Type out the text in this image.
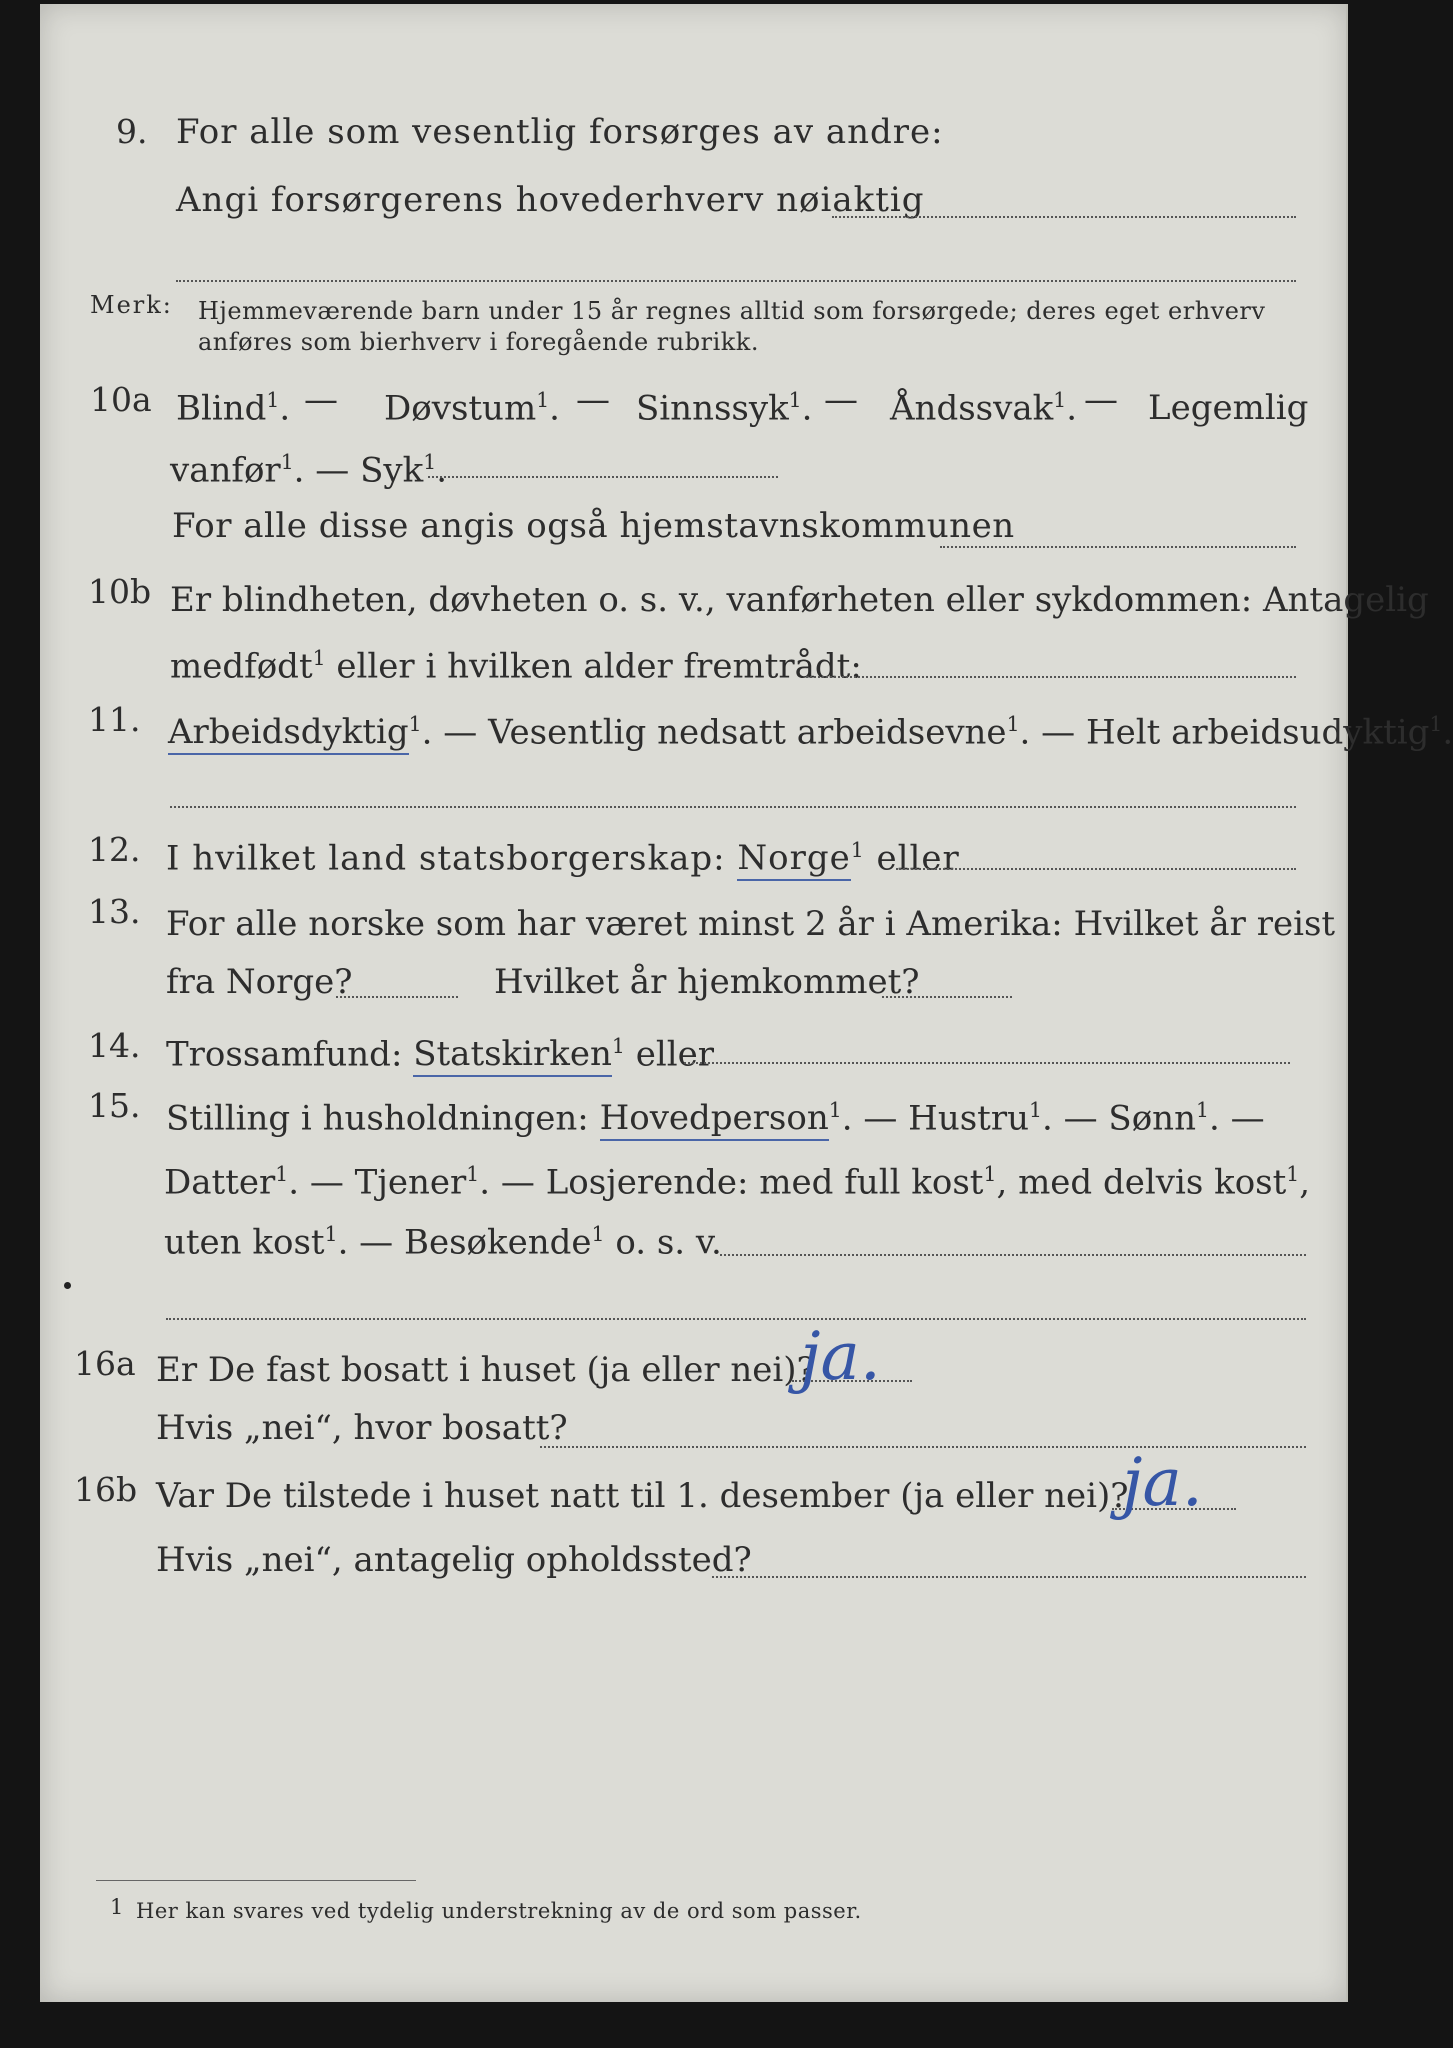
9. For alle som vesentlig forsørges av andre:
Angi forsørgerens hovederhverv nøiaktig
Merk: Hjemmeværende barn under 15 år regnes alltid som forsørgede; deres eget erhverv
anføres som bierhverv i foregående rubrikk.
10a Blind$^1$. — Døvstum$^1$. — Sinnssyk$^1$. — Åndssvak$^1$. — Legemlig
vanfør$^1$. — Syk$^1$.
For alle disse angis også hjemstavnskommunen
10b Er blindheten, døvheten o. s. v., vanførheten eller sykdommen: Antagelig
medfødt$^1$ eller i hvilken alder fremtrådt:
11. Arbeidsdyktig$^1$. — Vesentlig nedsatt arbeidsevne$^1$. — Helt arbeidsudyktig$^1$.
12. I hvilket land statsborgerskap: Norge$^1$ eller
13. For alle norske som har været minst 2 år i Amerika: Hvilket år reist
fra Norge?	Hvilket år hjemkommet?
14. Trossamfund: Statskirken$^1$ eller
15. Stilling i husholdningen: Hovedperson$^1$. — Hustru$^1$. — Sønn$^1$. —
Datter$^1$. — Tjener$^1$. — Losjerende: med full kost$^1$, med delvis kost$^1$,
uten kost$^1$. — Besøkende$^1$ o. s. v.
16a Er De fast bosatt i huset (ja eller nei)?
ja.
Hvis „nei“, hvor bosatt?
16b Var De tilstede i huset natt til 1. desember (ja eller nei)?
ja.
Hvis „nei“, antagelig opholdssted?
1 Her kan svares ved tydelig understrekning av de ord som passer.
